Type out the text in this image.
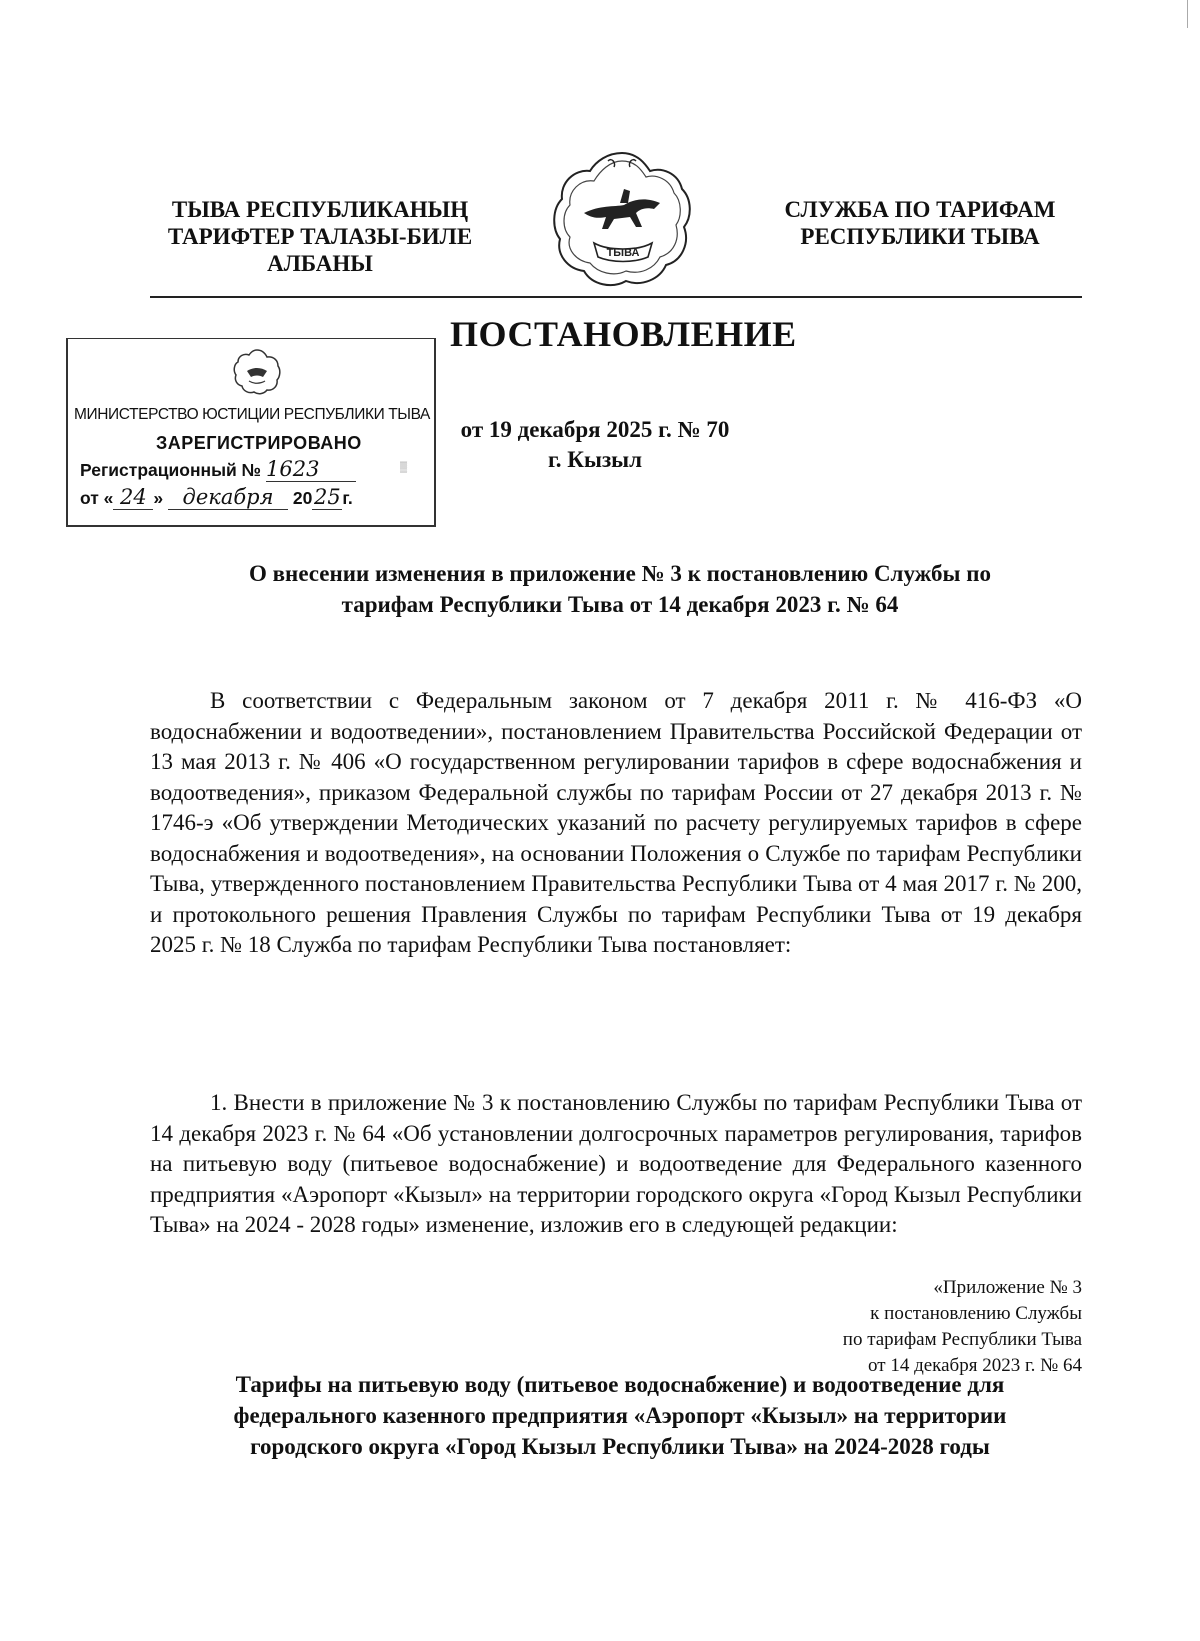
ТЫВА РЕСПУБЛИКАНЫҢ
ТАРИФТЕР ТАЛАЗЫ-БИЛЕ
АЛБАНЫ	ТЫВА
СЛУЖБА ПО ТАРИФАМ
РЕСПУБЛИКИ ТЫВА
ПОСТАНОВЛЕНИЕ
МИНИСТЕРСТВО ЮСТИЦИИ РЕСПУБЛИКИ ТЫВА
ЗАРЕГИСТРИРОВАНО
Регистрационный № 1623	▒
от « 24 » декабря 2025г.
от 19 декабря 2025 г. № 70
г. Кызыл
О внесении изменения в приложение № 3 к постановлению Службы по
тарифам Республики Тыва от 14 декабря 2023 г. № 64
В соответствии с Федеральным законом от 7 декабря 2011 г. № 416-ФЗ «О водоснабжении и водоотведении», постановлением Правительства Российской Федерации от 13 мая 2013 г. № 406 «О государственном регулировании тарифов в сфере водоснабжения и водоотведения», приказом Федеральной службы по тарифам России от 27 декабря 2013 г. № 1746-э «Об утверждении Методических указаний по расчету регулируемых тарифов в сфере водоснабжения и водоотведения», на основании Положения о Службе по тарифам Республики Тыва, утвержденного постановлением Правительства Республики Тыва от 4 мая 2017 г. № 200, и протокольного решения Правления Службы по тарифам Республики Тыва от 19 декабря 2025 г. № 18 Служба по тарифам Республики Тыва постановляет:
1. Внести в приложение № 3 к постановлению Службы по тарифам Республики Тыва от 14 декабря 2023 г. № 64 «Об установлении долгосрочных параметров регулирования, тарифов на питьевую воду (питьевое водоснабжение) и водоотведение для Федерального казенного предприятия «Аэропорт «Кызыл» на территории городского округа «Город Кызыл Республики Тыва» на 2024 - 2028 годы» изменение, изложив его в следующей редакции:
«Приложение № 3
к постановлению Службы
по тарифам Республики Тыва
от 14 декабря 2023 г. № 64
Тарифы на питьевую воду (питьевое водоснабжение) и водоотведение для
федерального казенного предприятия «Аэропорт «Кызыл» на территории
городского округа «Город Кызыл Республики Тыва» на 2024-2028 годы
